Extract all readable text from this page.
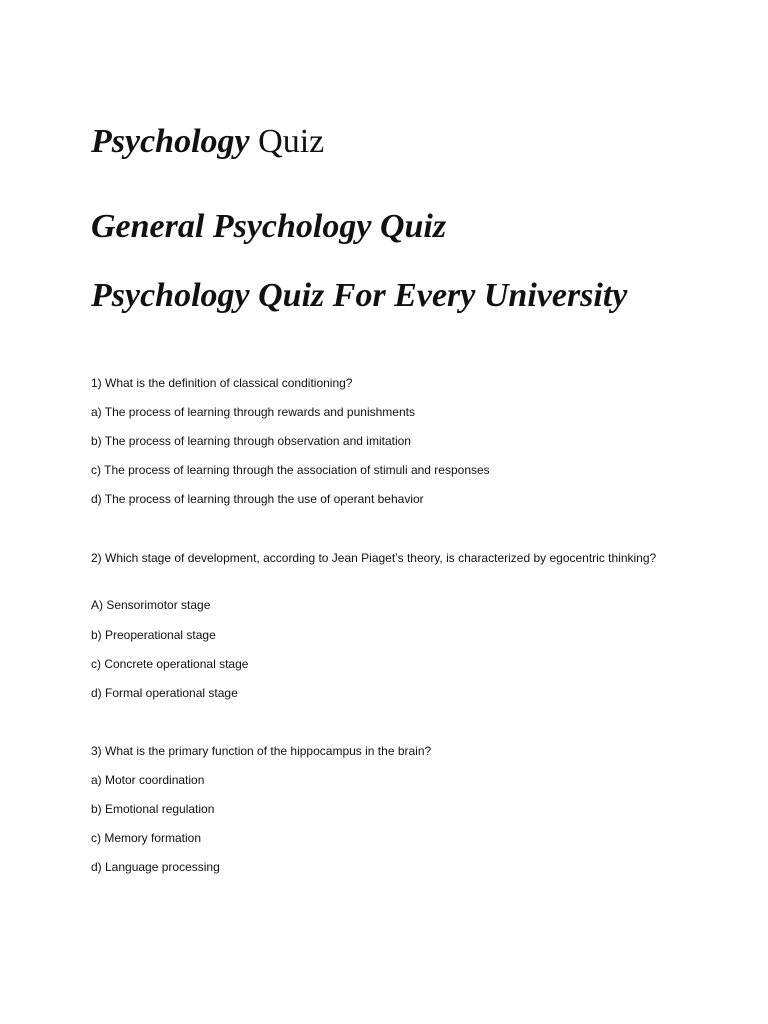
Psychology Quiz
General Psychology Quiz
Psychology Quiz For Every University

1) What is the definition of classical conditioning?

a) The process of learning through rewards and punishments

b) The process of learning through observation and imitation

c) The process of learning through the association of stimuli and responses

d) The process of learning through the use of operant behavior

2) Which stage of development, according to Jean Piaget’s theory, is characterized by egocentric thinking?

A) Sensorimotor stage

b) Preoperational stage

c) Concrete operational stage

d) Formal operational stage

3) What is the primary function of the hippocampus in the brain?

a) Motor coordination

b) Emotional regulation

c) Memory formation

d) Language processing
